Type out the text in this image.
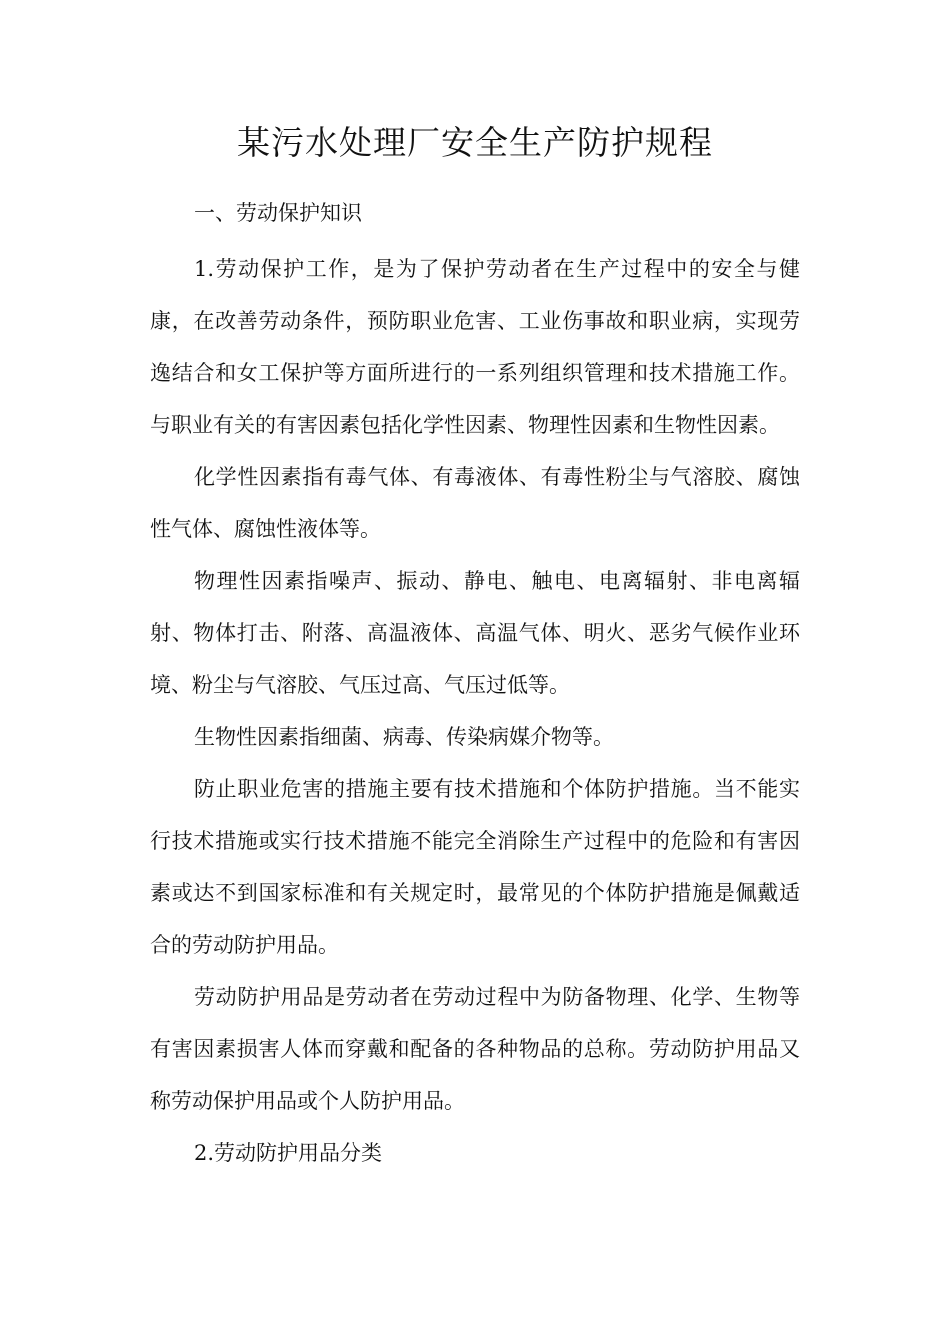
某污水处理厂安全生产防护规程

一、劳动保护知识

1.劳动保护工作，是为了保护劳动者在生产过程中的安全与健康，在改善劳动条件，预防职业危害、工业伤事故和职业病，实现劳逸结合和女工保护等方面所进行的一系列组织管理和技术措施工作。与职业有关的有害因素包括化学性因素、物理性因素和生物性因素。

化学性因素指有毒气体、有毒液体、有毒性粉尘与气溶胶、腐蚀性气体、腐蚀性液体等。

物理性因素指噪声、振动、静电、触电、电离辐射、非电离辐射、物体打击、附落、高温液体、高温气体、明火、恶劣气候作业环境、粉尘与气溶胶、气压过高、气压过低等。

生物性因素指细菌、病毒、传染病媒介物等。

防止职业危害的措施主要有技术措施和个体防护措施。当不能实行技术措施或实行技术措施不能完全消除生产过程中的危险和有害因素或达不到国家标准和有关规定时，最常见的个体防护措施是佩戴适合的劳动防护用品。

劳动防护用品是劳动者在劳动过程中为防备物理、化学、生物等有害因素损害人体而穿戴和配备的各种物品的总称。劳动防护用品又称劳动保护用品或个人防护用品。

2.劳动防护用品分类
